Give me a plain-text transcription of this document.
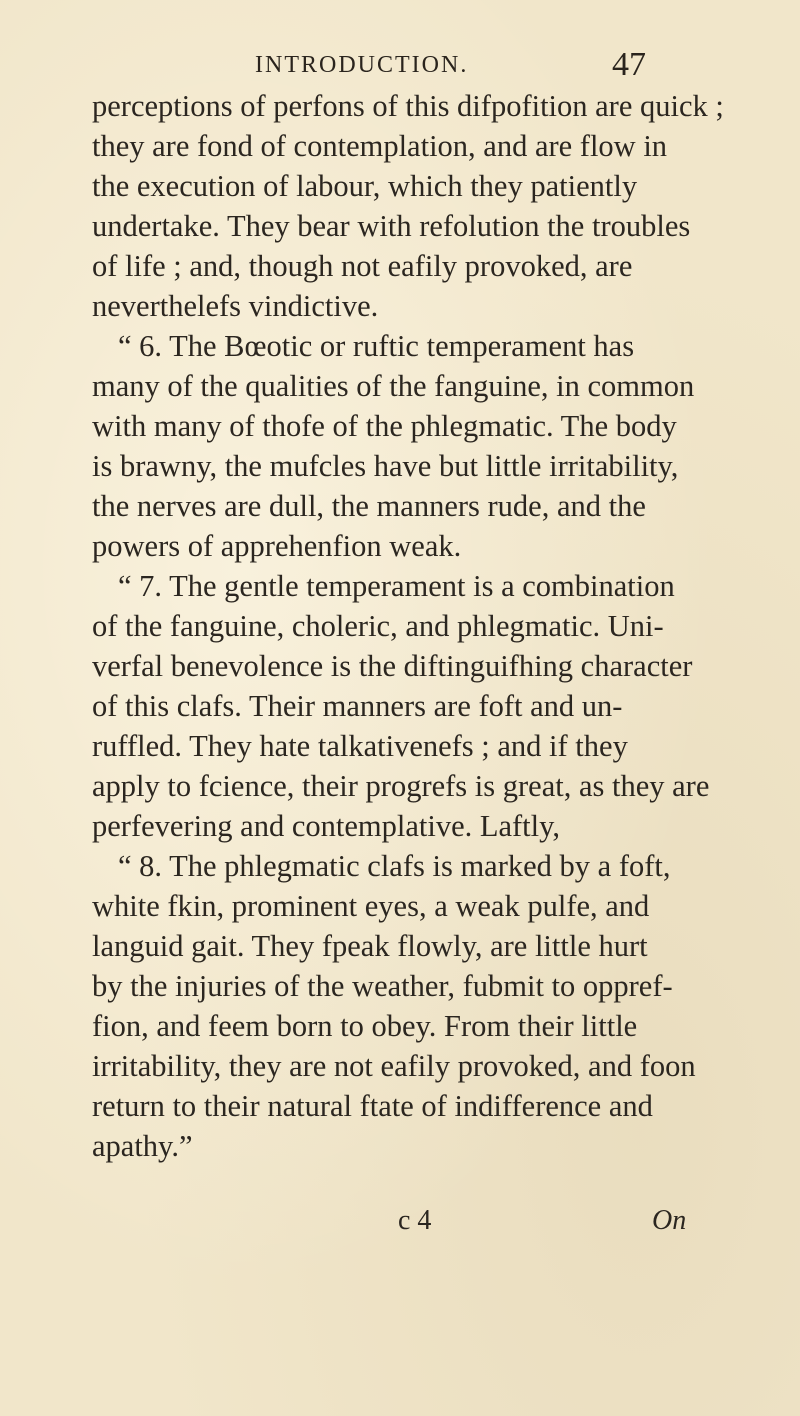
INTRODUCTION.	47
perceptions of perfons of this difpofition are quick ;
they are fond of contemplation, and are flow in
the execution of labour, which they patiently
undertake. They bear with refolution the troubles
of life ; and, though not eafily provoked, are
neverthelefs vindictive.
“ 6. The Bœotic or ruftic temperament has
many of the qualities of the fanguine, in common
with many of thofe of the phlegmatic. The body
is brawny, the mufcles have but little irritability,
the nerves are dull, the manners rude, and the
powers of apprehenfion weak.
“ 7. The gentle temperament is a combination
of the fanguine, choleric, and phlegmatic. Uni-
verfal benevolence is the diftinguifhing character
of this clafs. Their manners are foft and un-
ruffled. They hate talkativenefs ; and if they
apply to fcience, their progrefs is great, as they are
perfevering and contemplative. Laftly,
“ 8. The phlegmatic clafs is marked by a foft,
white fkin, prominent eyes, a weak pulfe, and
languid gait. They fpeak flowly, are little hurt
by the injuries of the weather, fubmit to oppref-
fion, and feem born to obey. From their little
irritability, they are not eafily provoked, and foon
return to their natural ftate of indifference and
apathy.”
c 4	On
